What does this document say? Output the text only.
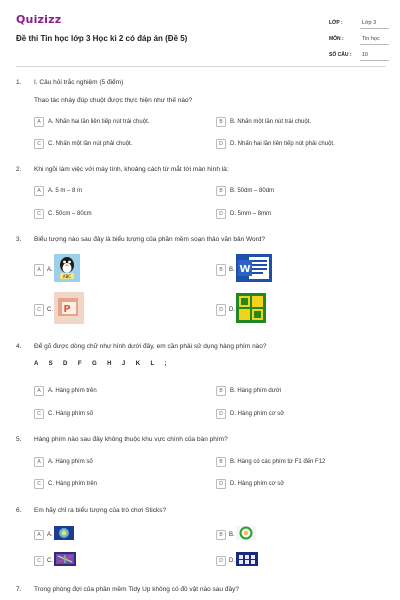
Quizizz
Đề thi Tin học lớp 3 Học kì 2 có đáp án (Đề 5)
LỚP :	Lớp 3
MÔN :	Tin học
SỐ CÂU :	10
1. I. Câu hỏi trắc nghiệm (5 điểm)
Thao tác nháy đúp chuột được thực hiện như thế nào?
A	A. Nhấn hai lần liên tiếp nút trái chuột.	B	B. Nhấn một lần nút trái chuột.
C	C. Nhấn một lần nút phải chuột.	D	D. Nhấn hai lần liên tiếp nút phải chuột.
2. Khi ngồi làm việc với máy tính, khoảng cách từ mắt tới màn hình là:
A	A. 5 m – 8 m	B	B. 50dm – 80dm
C	C. 50cm – 80cm	D	D. 5mm – 8mm
3. Biểu tượng nào sau đây là biểu tượng của phần mềm soạn thảo văn bản Word?
A	A.
ABC
B	B. W
C	C. P	D	D.
4. Để gõ được dòng chữ như hình dưới đây, em cần phải sử dụng hàng phím nào?
A S D F G H J K L ;
A	A. Hàng phím trên	B	B. Hàng phím dưới
C	C. Hàng phím số	D	D. Hàng phím cơ sở
5. Hàng phím nào sau đây không thuộc khu vực chính của bàn phím?
A	A. Hàng phím số	B	B. Hàng có các phím từ F1 đến F12
C	C. Hàng phím trên	D	D. Hàng phím cơ sở
6. Em hãy chỉ ra biểu tượng của trò chơi Sticks?
A	A.	B	B.
C	C.	D	D.
7. Trong phòng đợi của phần mềm Tidy Up không có đồ vật nào sau đây?
